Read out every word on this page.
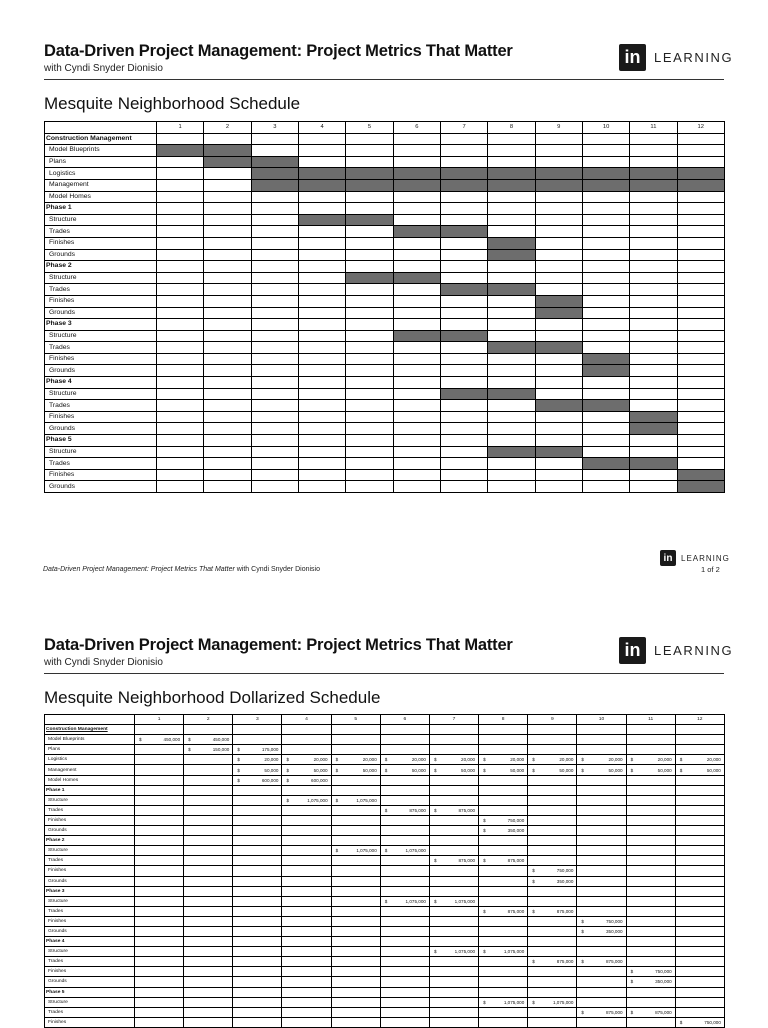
Data-Driven Project Management: Project Metrics That Matter
with Cyndi Snyder Dionisio
in	LEARNING
Mesquite Neighborhood Schedule
	1	2	3	4	5	6	7	8	9	10	11	12
Construction Management												
Model Blueprints												
Plans												
Logistics												
Management												
Model Homes												
Phase 1												
Structure												
Trades												
Finishes												
Grounds												
Phase 2												
Structure												
Trades												
Finishes												
Grounds												
Phase 3												
Structure												
Trades												
Finishes												
Grounds												
Phase 4												
Structure												
Trades												
Finishes												
Grounds												
Phase 5												
Structure												
Trades												
Finishes												
Grounds												
Data-Driven Project Management: Project Metrics That Matter with Cyndi Snyder Dionisio
in	LEARNING
1 of 2
Data-Driven Project Management: Project Metrics That Matter
with Cyndi Snyder Dionisio
in	LEARNING
Mesquite Neighborhood Dollarized Schedule
	1	2	3	4	5	6	7	8	9	10	11	12
Construction Management												
Model Blueprints	$ 450,000	$ 450,000										

Plans		$ 150,000	$ 175,000									

Logistics			$ 20,000	$ 20,000	$ 20,000	$ 20,000	$ 20,000	$ 20,000	$ 20,000	$ 20,000	$ 20,000	$ 20,000

Management			$ 50,000	$ 50,000	$ 50,000	$ 50,000	$ 50,000	$ 50,000	$ 50,000	$ 50,000	$ 50,000	$ 50,000

Model Homes			$ 600,000	$ 600,000								

Phase 1												
Structure				$ 1,075,000	$ 1,075,000							

Trades						$ 875,000	$ 875,000					

Finishes								$ 750,000				

Grounds								$ 350,000				

Phase 2												
Structure					$ 1,075,000	$ 1,075,000						

Trades							$ 875,000	$ 875,000				

Finishes									$ 750,000			

Grounds									$ 350,000			

Phase 3												
Structure						$ 1,075,000	$ 1,075,000					

Trades								$ 875,000	$ 875,000			

Finishes										$ 750,000		

Grounds										$ 350,000		

Phase 4												
Structure							$ 1,075,000	$ 1,075,000				

Trades									$ 875,000	$ 875,000		

Finishes											$ 750,000	

Grounds											$ 350,000	

Phase 5												
Structure								$ 1,075,000	$ 1,075,000			

Trades										$ 875,000	$ 875,000	

Finishes												$ 750,000
